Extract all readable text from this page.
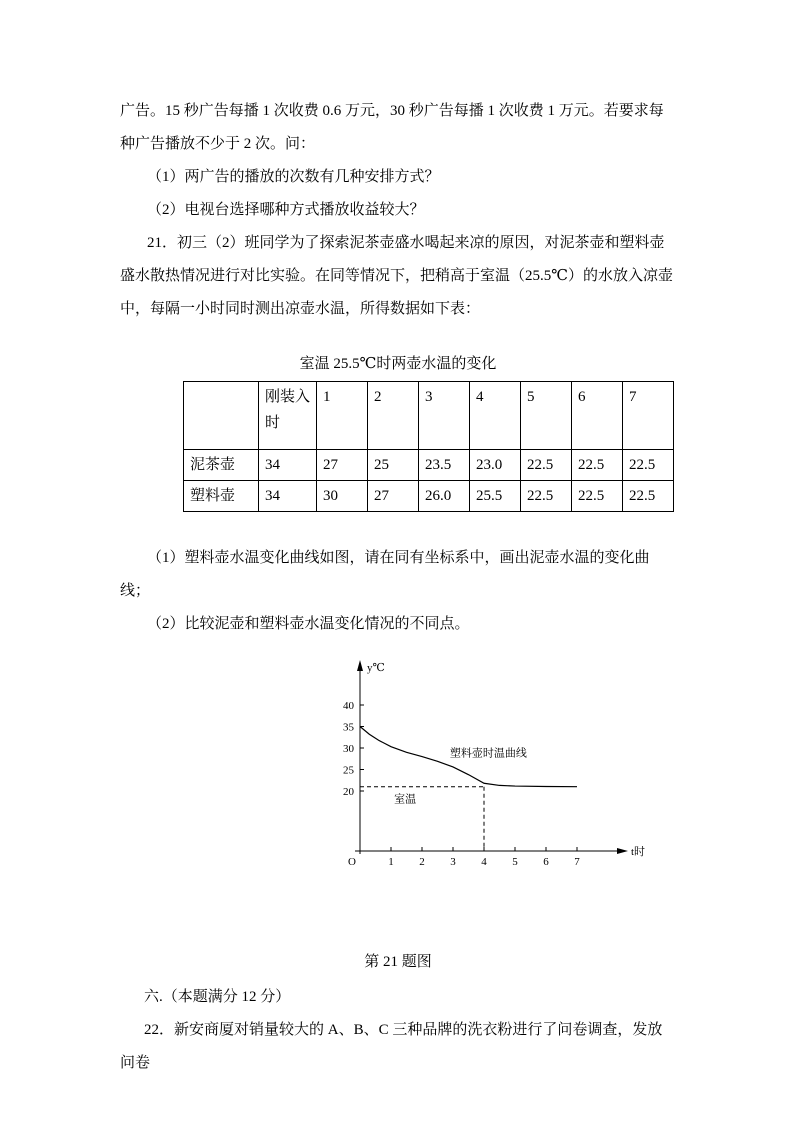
广告。15 秒广告每播 1 次收费 0.6 万元，30 秒广告每播 1 次收费 1 万元。若要求每种广告播放不少于 2 次。问：

（1）两广告的播放的次数有几种安排方式？

（2）电视台选择哪种方式播放收益较大？

21．初三（2）班同学为了探索泥茶壶盛水喝起来凉的原因，对泥茶壶和塑料壶盛水散热情况进行对比实验。在同等情况下，把稍高于室温（25.5℃）的水放入凉壶中，每隔一小时同时测出凉壶水温，所得数据如下表：

室温 25.5℃时两壶水温的变化

	刚装入时	1	2	3	4	5	6	7
泥茶壶	34	27	25	23.5	23.0	22.5	22.5	22.5
塑料壶	34	30	27	26.0	25.5	22.5	22.5	22.5

（1）塑料壶水温变化曲线如图，请在同有坐标系中，画出泥壶水温的变化曲线；

（2）比较泥壶和塑料壶水温变化情况的不同点。

y℃
t时
O
20
25
30
35
40
1 2 3 4 5 6 7
室温
塑料壶时温曲线

第 21 题图

六.（本题满分 12 分）

22．新安商厦对销量较大的 A、B、C 三种品牌的洗衣粉进行了问卷调查，发放问卷
